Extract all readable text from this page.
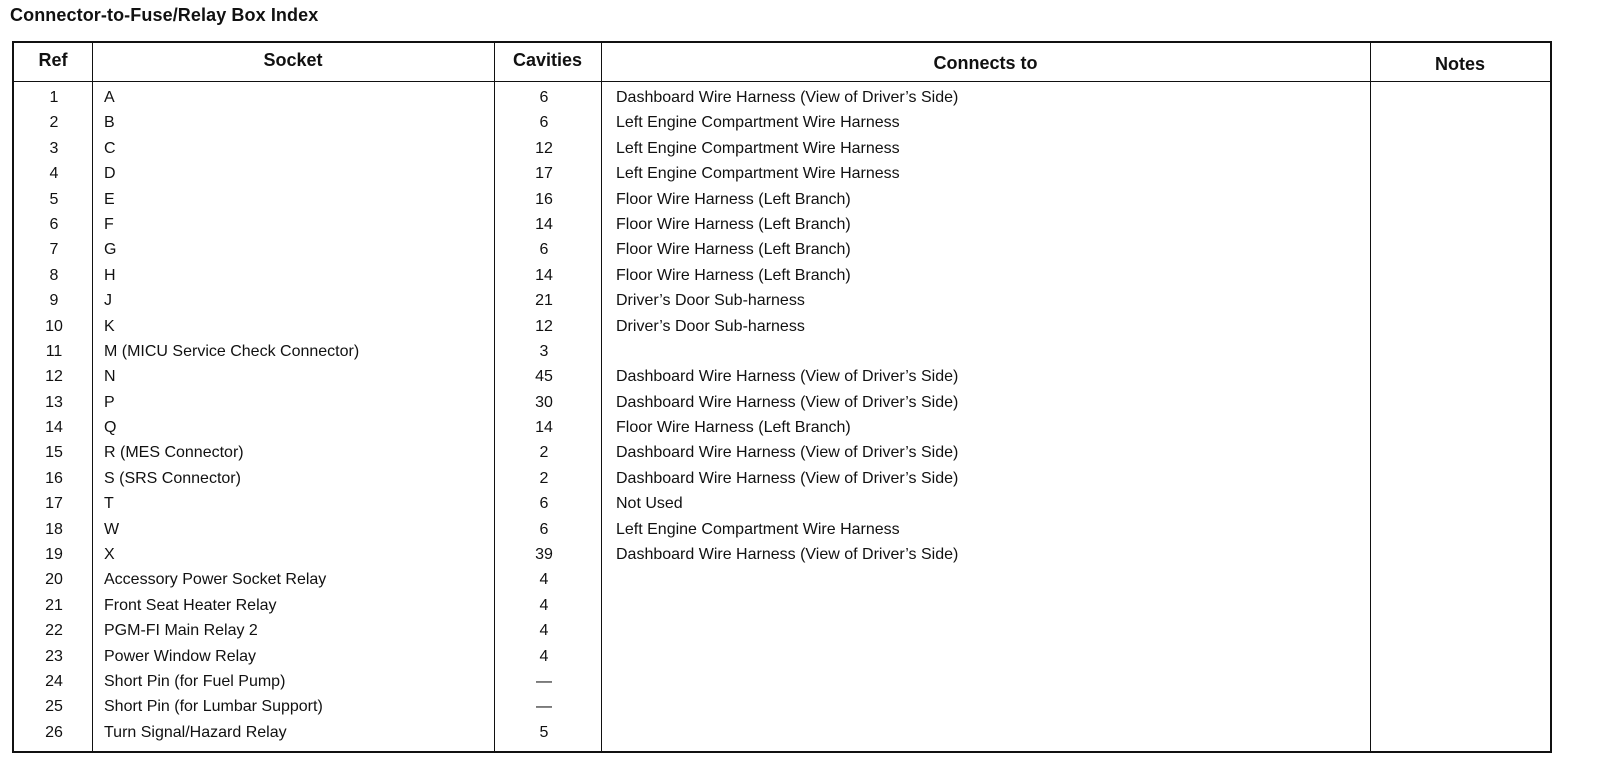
Connector-to-Fuse/Relay Box Index
Ref	Socket	Cavities	Connects to	Notes
1	A	6	Dashboard Wire Harness (View of Driver’s Side)
2	B	6	Left Engine Compartment Wire Harness
3	C	12	Left Engine Compartment Wire Harness
4	D	17	Left Engine Compartment Wire Harness
5	E	16	Floor Wire Harness (Left Branch)
6	F	14	Floor Wire Harness (Left Branch)
7	G	6	Floor Wire Harness (Left Branch)
8	H	14	Floor Wire Harness (Left Branch)
9	J	21	Driver’s Door Sub-harness
10	K	12	Driver’s Door Sub-harness
11	M (MICU Service Check Connector)	3
12	N	45	Dashboard Wire Harness (View of Driver’s Side)
13	P	30	Dashboard Wire Harness (View of Driver’s Side)
14	Q	14	Floor Wire Harness (Left Branch)
15	R (MES Connector)	2	Dashboard Wire Harness (View of Driver’s Side)
16	S (SRS Connector)	2	Dashboard Wire Harness (View of Driver’s Side)
17	T	6	Not Used
18	W	6	Left Engine Compartment Wire Harness
19	X	39	Dashboard Wire Harness (View of Driver’s Side)
20	Accessory Power Socket Relay	4
21	Front Seat Heater Relay	4
22	PGM-FI Main Relay 2	4
23	Power Window Relay	4
24	Short Pin (for Fuel Pump)	—
25	Short Pin (for Lumbar Support)	—
26	Turn Signal/Hazard Relay	5
